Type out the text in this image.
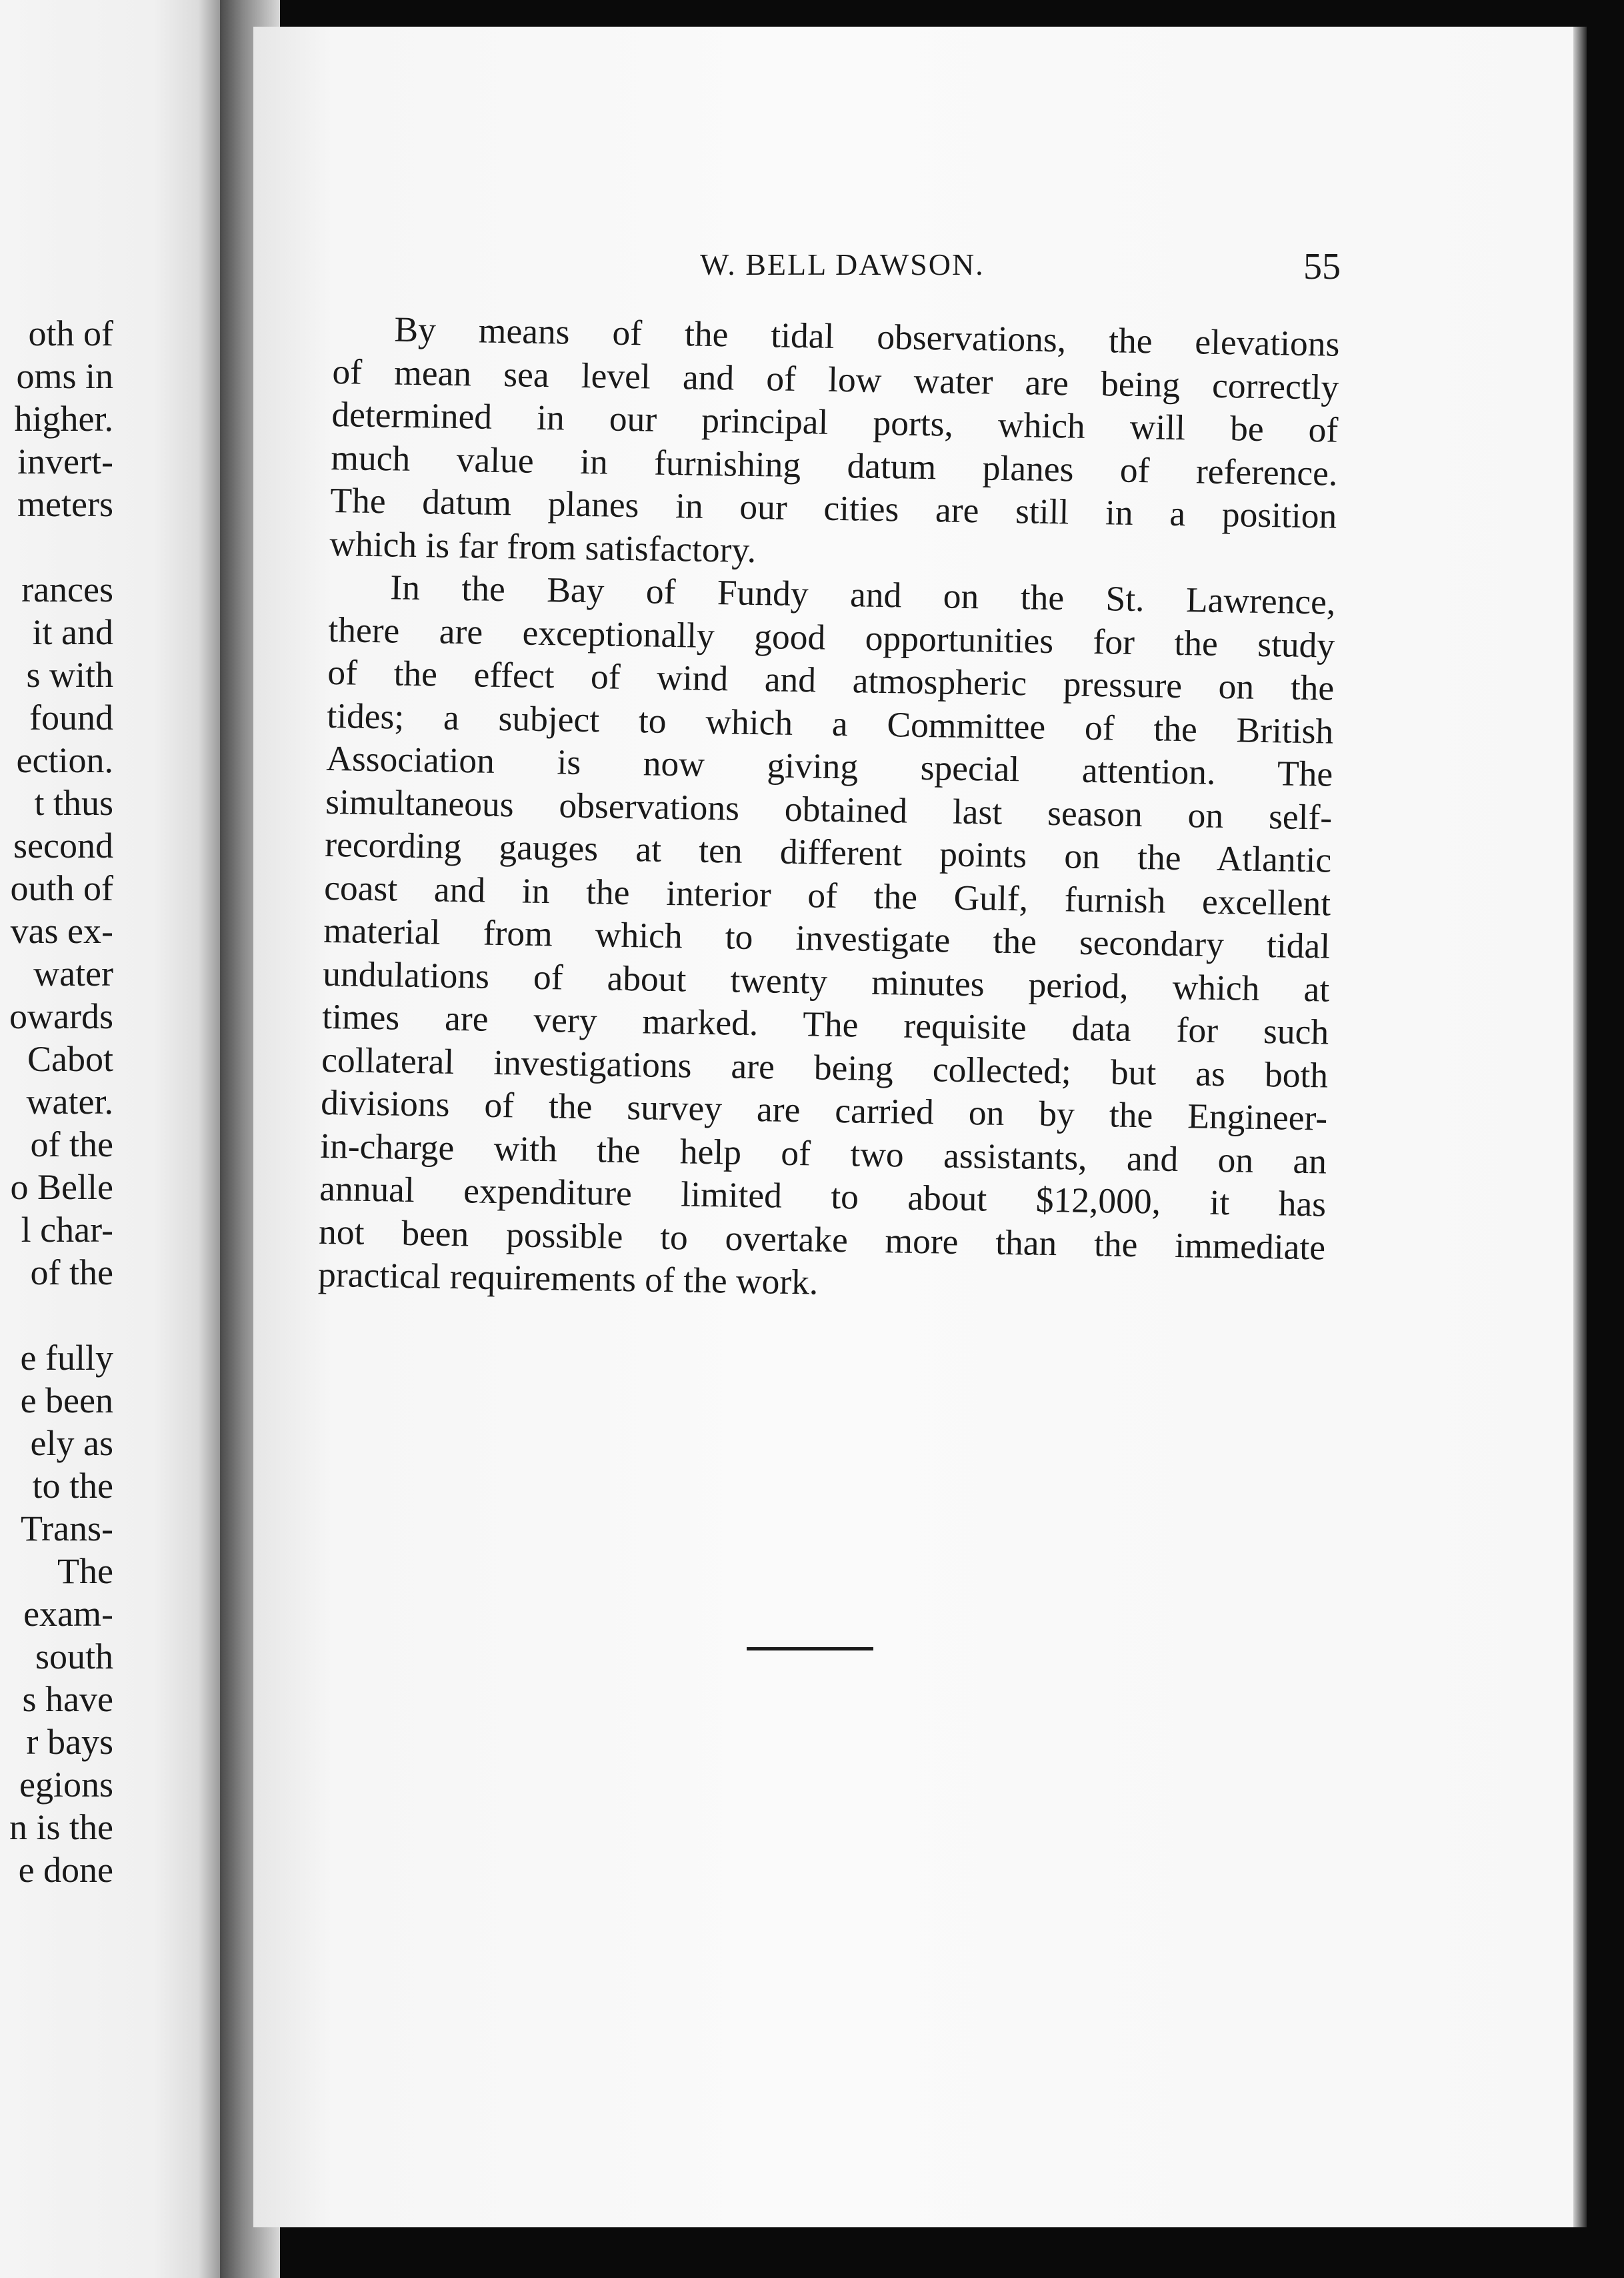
oth of
oms in
higher.
invert-
meters
rances
it and
s with
found
ection.
t thus
second
outh of
vas ex-
water
owards
Cabot
water.
of the
o Belle
l char-
of the
e fully
e been
ely as
to the
Trans-
The
exam-
south
s have
r bays
egions
n is the
e done
W. BELL DAWSON.	55
By means of the tidal observations, the elevations
of mean sea level and of low water are being correctly
determined in our principal ports, which will be of
much value in furnishing datum planes of reference.
The datum planes in our cities are still in a position
which is far from satisfactory.
In the Bay of Fundy and on the St. Lawrence,
there are exceptionally good opportunities for the study
of the effect of wind and atmospheric pressure on the
tides; a subject to which a Committee of the British
Association is now giving special attention. The
simultaneous observations obtained last season on self-
recording gauges at ten different points on the Atlantic
coast and in the interior of the Gulf, furnish excellent
material from which to investigate the secondary tidal
undulations of about twenty minutes period, which at
times are very marked. The requisite data for such
collateral investigations are being collected; but as both
divisions of the survey are carried on by the Engineer-
in-charge with the help of two assistants, and on an
annual expenditure limited to about $12,000, it has
not been possible to overtake more than the immediate
practical requirements of the work.
